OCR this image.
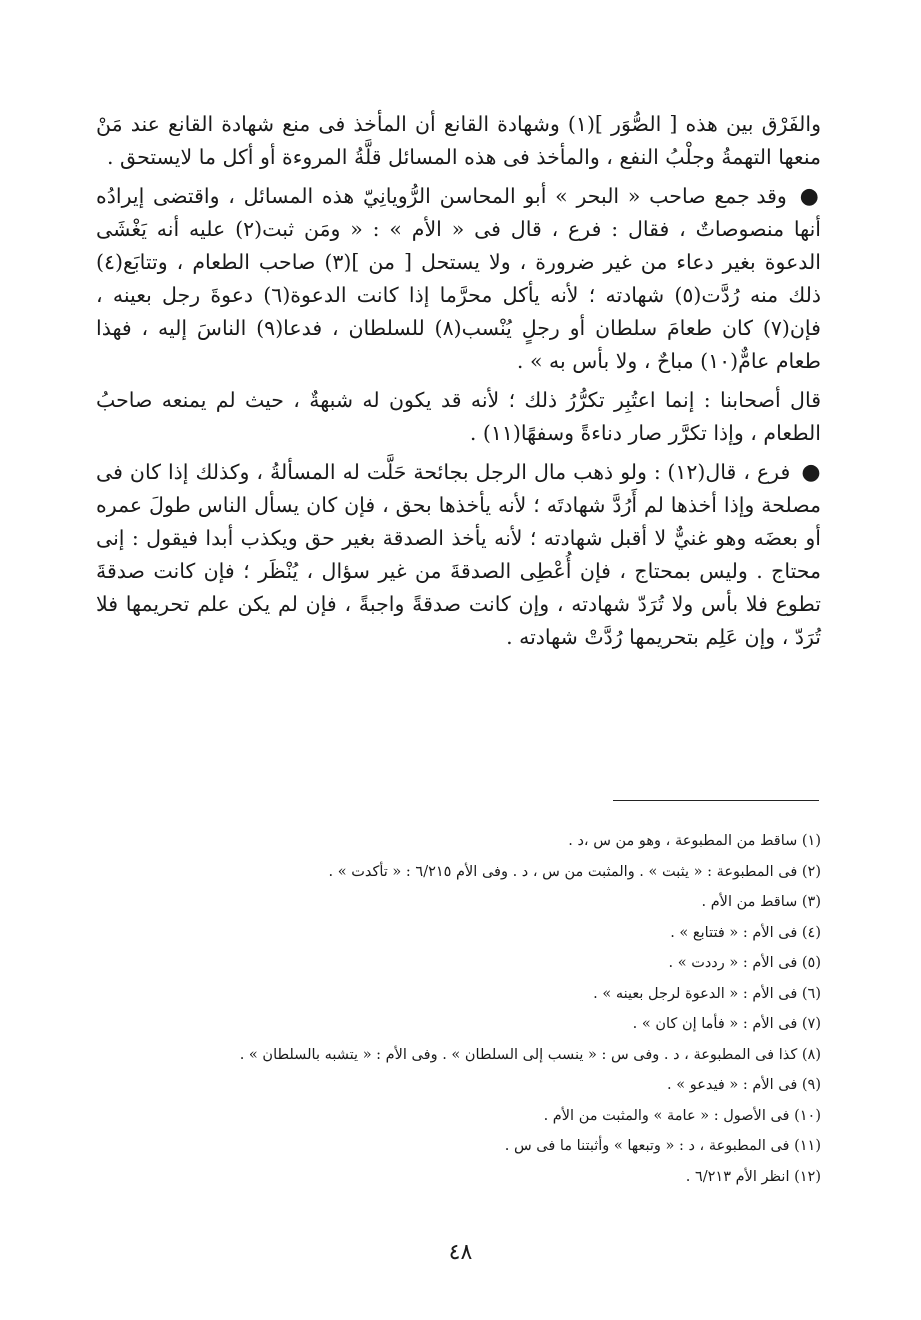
والفَرْق بين هذه [ الصُّوَر ](١) وشهادة القانع أن المأخذ فى منع شهادة القانع عند مَنْ منعها التهمةُ وجلْبُ النفع ، والمأخذ فى هذه المسائل قلَّةُ المروءة أو أكل ما لايستحق .

● وقد جمع صاحب « البحر » أبو المحاسن الرُّويانِيّ هذه المسائل ، واقتضى إيرادُه أنها منصوصاتٌ ، فقال : فرع ، قال فى « الأم » : « ومَن ثبت(٢) عليه أنه يَغْشَى الدعوة بغير دعاء من غير ضرورة ، ولا يستحل [ من ](٣) صاحب الطعام ، وتتابَع(٤) ذلك منه رُدَّت(٥) شهادته ؛ لأنه يأكل محرَّما إذا كانت الدعوة(٦) دعوةَ رجل بعينه ، فإن(٧) كان طعامَ سلطان أو رجلٍ يُنْسب(٨) للسلطان ، فدعا(٩) الناسَ إليه ، فهذا طعام عامٌّ(١٠) مباحٌ ، ولا بأس به » .

قال أصحابنا : إنما اعتُبِر تكرُّرُ ذلك ؛ لأنه قد يكون له شبهةٌ ، حيث لم يمنعه صاحبُ الطعام ، وإذا تكرَّر صار دناءةً وسفهًا(١١) .

● فرع ، قال(١٢) : ولو ذهب مال الرجل بجائحة حَلَّت له المسألةُ ، وكذلك إذا كان فى مصلحة وإذا أخذها لم أَرُدَّ شهادتَه ؛ لأنه يأخذها بحق ، فإن كان يسأل الناس طولَ عمره أو بعضَه وهو غنيٌّ لا أقبل شهادته ؛ لأنه يأخذ الصدقة بغير حق ويكذب أبدا فيقول : إنى محتاج . وليس بمحتاج ، فإن أُعْطِى الصدقةَ من غير سؤال ، يُنْظَر ؛ فإن كانت صدقةَ تطوع فلا بأس ولا تُرَدّ شهادته ، وإن كانت صدقةً واجبةً ، فإن لم يكن علم تحريمها فلا تُرَدّ ، وإن عَلِم بتحريمها رُدَّتْ شهادته .

(١) ساقط من المطبوعة ، وهو من س ،د .
(٢) فى المطبوعة : « يثبت » . والمثبت من س ، د . وفى الأم ٦/٢١٥ : « تأكدت » .
(٣) ساقط من الأم .
(٤) فى الأم : « فتتابع » .
(٥) فى الأم : « رددت » .
(٦) فى الأم : « الدعوة لرجل بعينه » .
(٧) فى الأم : « فأما إن كان » .
(٨) كذا فى المطبوعة ، د . وفى س : « ينسب إلى السلطان » . وفى الأم : « يتشبه بالسلطان » .
(٩) فى الأم : « فيدعو » .
(١٠) فى الأصول : « عامة » والمثبت من الأم .
(١١) فى المطبوعة ، د : « وتبعها » وأثبتنا ما فى س .
(١٢) انظر الأم ٦/٢١٣ .
٤٨
